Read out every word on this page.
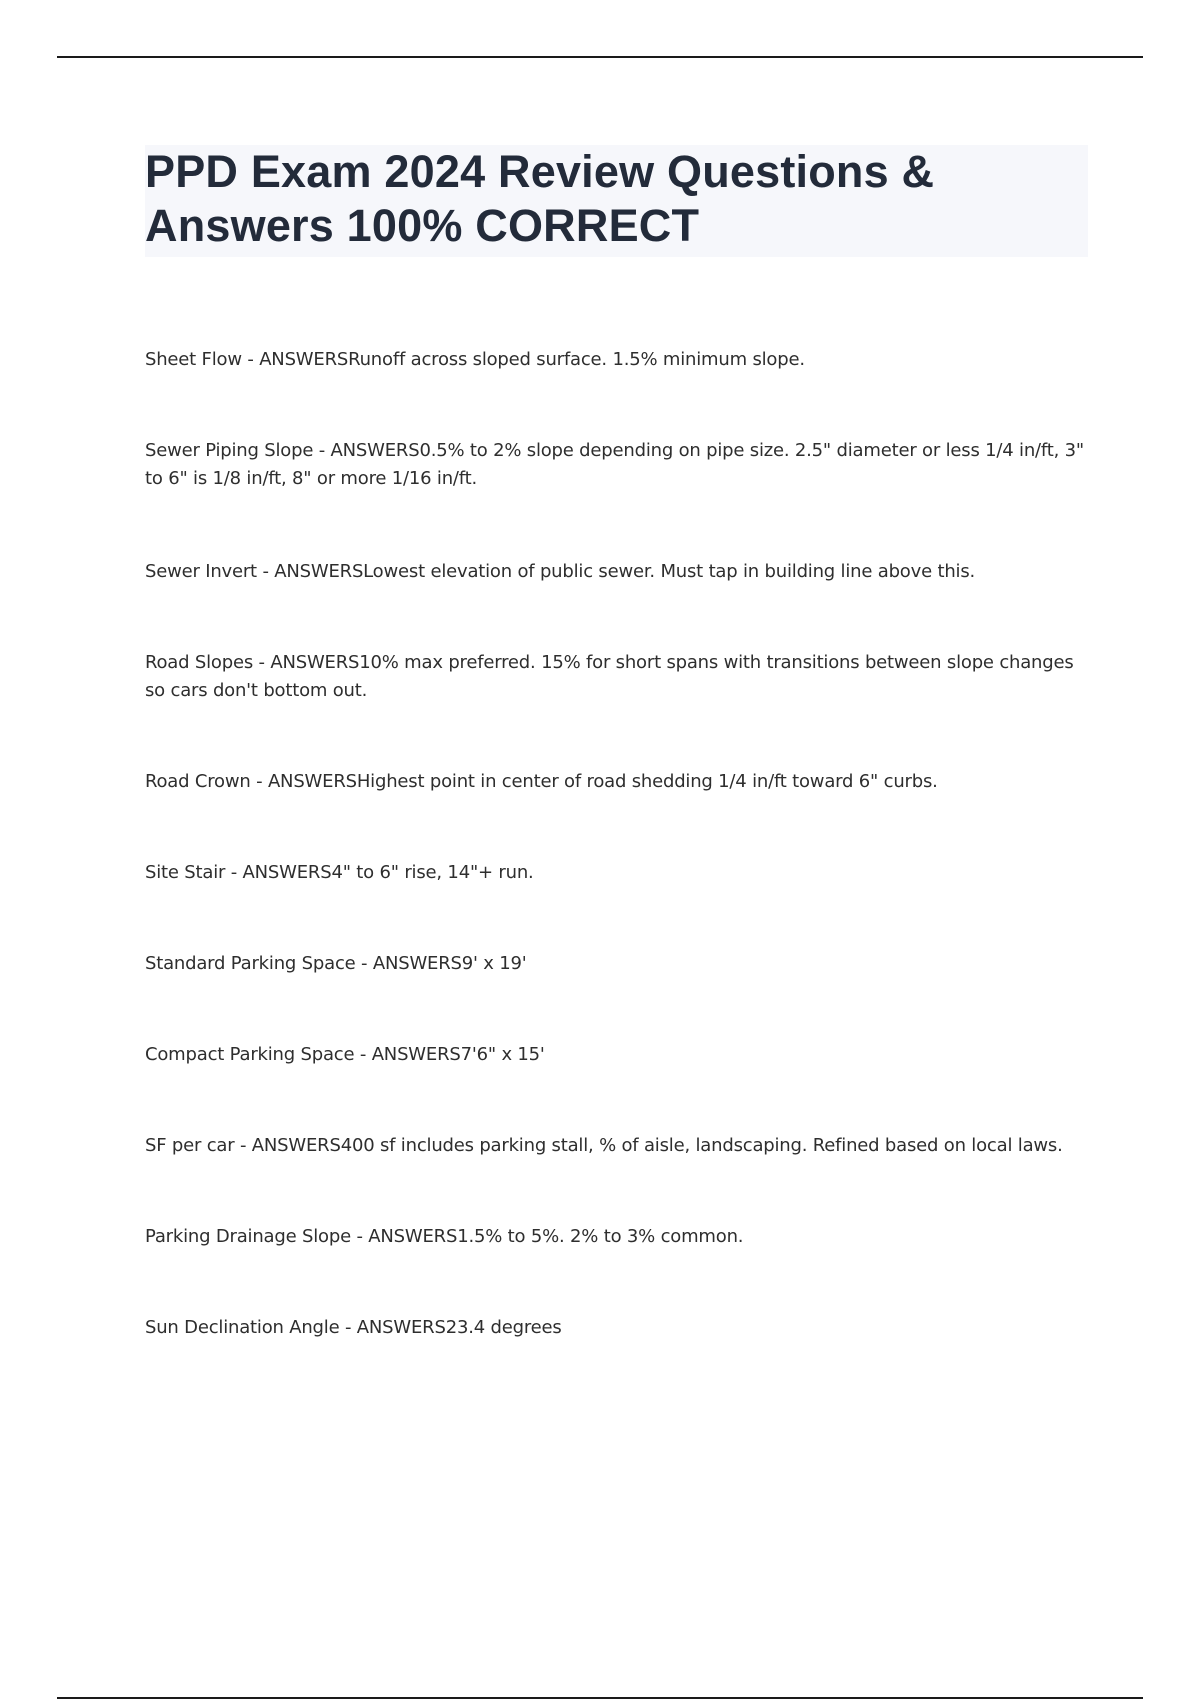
PPD Exam 2024 Review Questions & Answers 100% CORRECT
Sheet Flow - ANSWERSRunoff across sloped surface. 1.5% minimum slope.
Sewer Piping Slope - ANSWERS0.5% to 2% slope depending on pipe size. 2.5" diameter or less 1/4 in/ft, 3" to 6" is 1/8 in/ft, 8" or more 1/16 in/ft.
Sewer Invert - ANSWERSLowest elevation of public sewer. Must tap in building line above this.
Road Slopes - ANSWERS10% max preferred. 15% for short spans with transitions between slope changes so cars don't bottom out.
Road Crown - ANSWERSHighest point in center of road shedding 1/4 in/ft toward 6" curbs.
Site Stair - ANSWERS4" to 6" rise, 14"+ run.
Standard Parking Space - ANSWERS9' x 19'
Compact Parking Space - ANSWERS7'6" x 15'
SF per car - ANSWERS400 sf includes parking stall, % of aisle, landscaping. Refined based on local laws.
Parking Drainage Slope - ANSWERS1.5% to 5%. 2% to 3% common.
Sun Declination Angle - ANSWERS23.4 degrees
